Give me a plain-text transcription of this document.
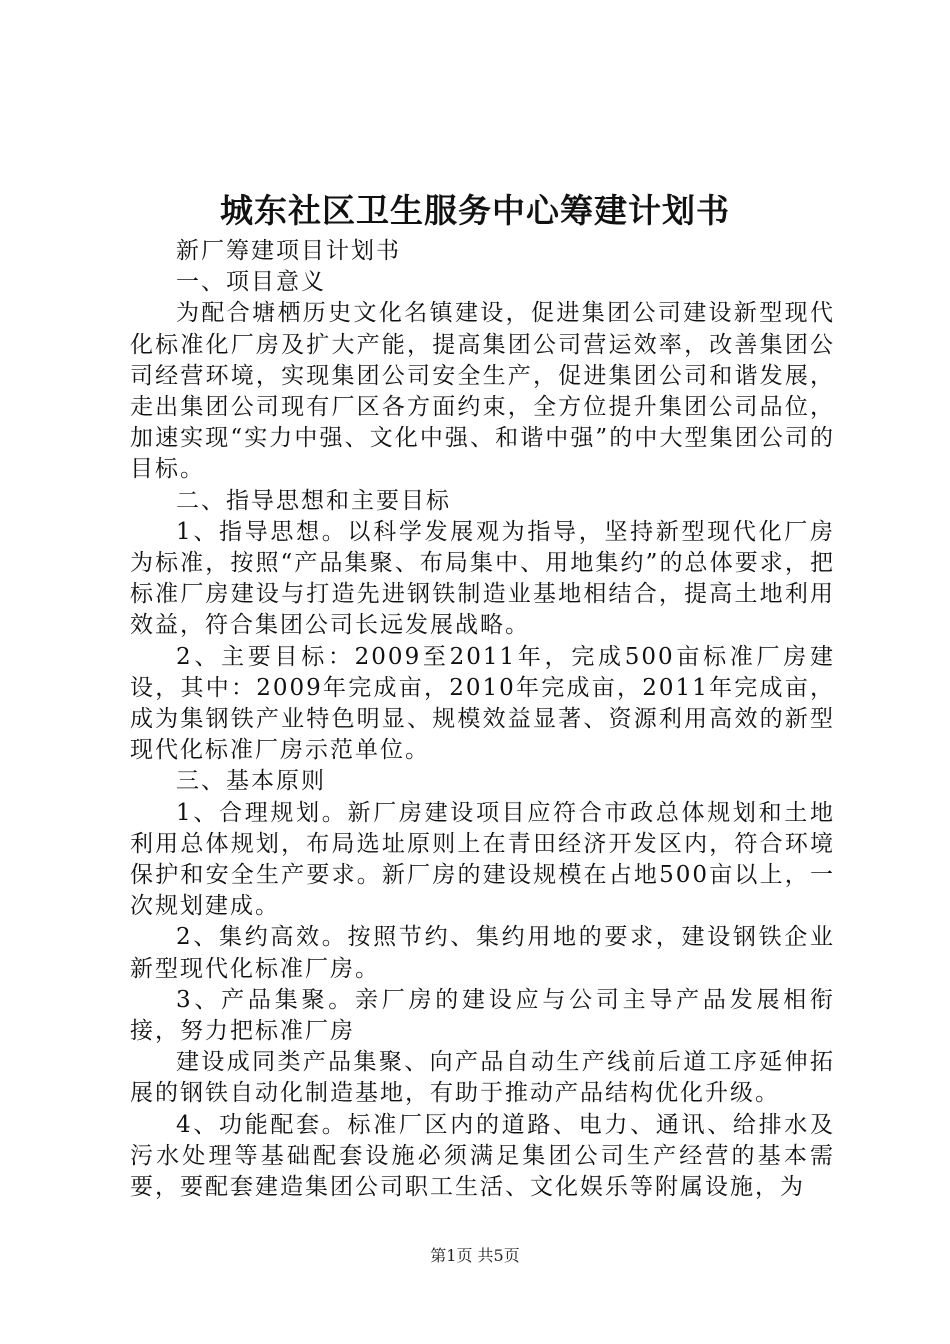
城东社区卫生服务中心筹建计划书

新厂筹建项目计划书

一、项目意义

为配合塘栖历史文化名镇建设，促进集团公司建设新型现代化标准化厂房及扩大产能，提高集团公司营运效率，改善集团公司经营环境，实现集团公司安全生产，促进集团公司和谐发展，走出集团公司现有厂区各方面约束，全方位提升集团公司品位，加速实现“实力中强、文化中强、和谐中强”的中大型集团公司的目标。

二、指导思想和主要目标

1、指导思想。以科学发展观为指导，坚持新型现代化厂房为标准，按照“产品集聚、布局集中、用地集约”的总体要求，把标准厂房建设与打造先进钢铁制造业基地相结合，提高土地利用效益，符合集团公司长远发展战略。

2、主要目标：2009至2011年，完成500亩标准厂房建设，其中：2009年完成亩，2010年完成亩，2011年完成亩，成为集钢铁产业特色明显、规模效益显著、资源利用高效的新型现代化标准厂房示范单位。

三、基本原则

1、合理规划。新厂房建设项目应符合市政总体规划和土地利用总体规划，布局选址原则上在青田经济开发区内，符合环境保护和安全生产要求。新厂房的建设规模在占地500亩以上，一次规划建成。

2、集约高效。按照节约、集约用地的要求，建设钢铁企业新型现代化标准厂房。

3、产品集聚。亲厂房的建设应与公司主导产品发展相衔接，努力把标准厂房

建设成同类产品集聚、向产品自动生产线前后道工序延伸拓展的钢铁自动化制造基地，有助于推动产品结构优化升级。

4、功能配套。标准厂区内的道路、电力、通讯、给排水及污水处理等基础配套设施必须满足集团公司生产经营的基本需要，要配套建造集团公司职工生活、文化娱乐等附属设施，为

第1页 共5页
